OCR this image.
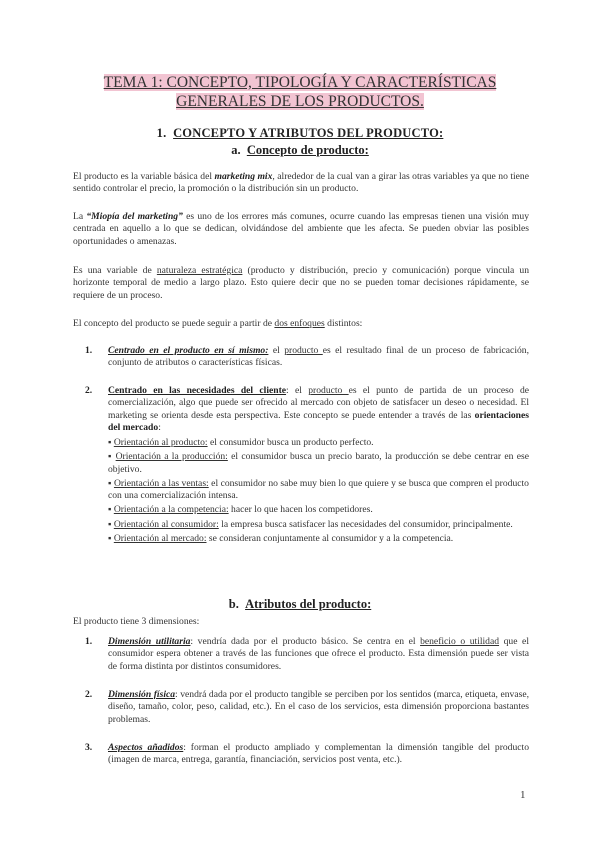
TEMA 1: CONCEPTO, TIPOLOGÍA Y CARACTERÍSTICAS
GENERALES DE LOS PRODUCTOS.
1. CONCEPTO Y ATRIBUTOS DEL PRODUCTO:
a. Concepto de producto:

El producto es la variable básica del marketing mix, alrededor de la cual van a girar las otras variables ya que no tiene sentido controlar el precio, la promoción o la distribución sin un producto.

La “Miopía del marketing” es uno de los errores más comunes, ocurre cuando las empresas tienen una visión muy centrada en aquello a lo que se dedican, olvidándose del ambiente que les afecta. Se pueden obviar las posibles oportunidades o amenazas.

Es una variable de naturaleza estratégica (producto y distribución, precio y comunicación) porque vincula un horizonte temporal de medio a largo plazo. Esto quiere decir que no se pueden tomar decisiones rápidamente, se requiere de un proceso.

El concepto del producto se puede seguir a partir de dos enfoques distintos:

1. Centrado en el producto en sí mismo: el producto es el resultado final de un proceso de fabricación, conjunto de atributos o características físicas.
2. Centrado en las necesidades del cliente: el producto es el punto de partida de un proceso de comercialización, algo que puede ser ofrecido al mercado con objeto de satisfacer un deseo o necesidad. El marketing se orienta desde esta perspectiva. Este concepto se puede entender a través de las orientaciones del mercado:

▪ Orientación al producto: el consumidor busca un producto perfecto.

▪ Orientación a la producción: el consumidor busca un precio barato, la producción se debe centrar en ese objetivo.

▪ Orientación a las ventas: el consumidor no sabe muy bien lo que quiere y se busca que compren el producto con una comercialización intensa.

▪ Orientación a la competencia: hacer lo que hacen los competidores.

▪ Orientación al consumidor: la empresa busca satisfacer las necesidades del consumidor, principalmente.

▪ Orientación al mercado: se consideran conjuntamente al consumidor y a la competencia.

b. Atributos del producto:

El producto tiene 3 dimensiones:

1. Dimensión utilitaria: vendría dada por el producto básico. Se centra en el beneficio o utilidad que el consumidor espera obtener a través de las funciones que ofrece el producto. Esta dimensión puede ser vista de forma distinta por distintos consumidores.
2. Dimensión física: vendrá dada por el producto tangible se perciben por los sentidos (marca, etiqueta, envase, diseño, tamaño, color, peso, calidad, etc.). En el caso de los servicios, esta dimensión proporciona bastantes problemas.
3. Aspectos añadidos: forman el producto ampliado y complementan la dimensión tangible del producto (imagen de marca, entrega, garantía, financiación, servicios post venta, etc.).
1
